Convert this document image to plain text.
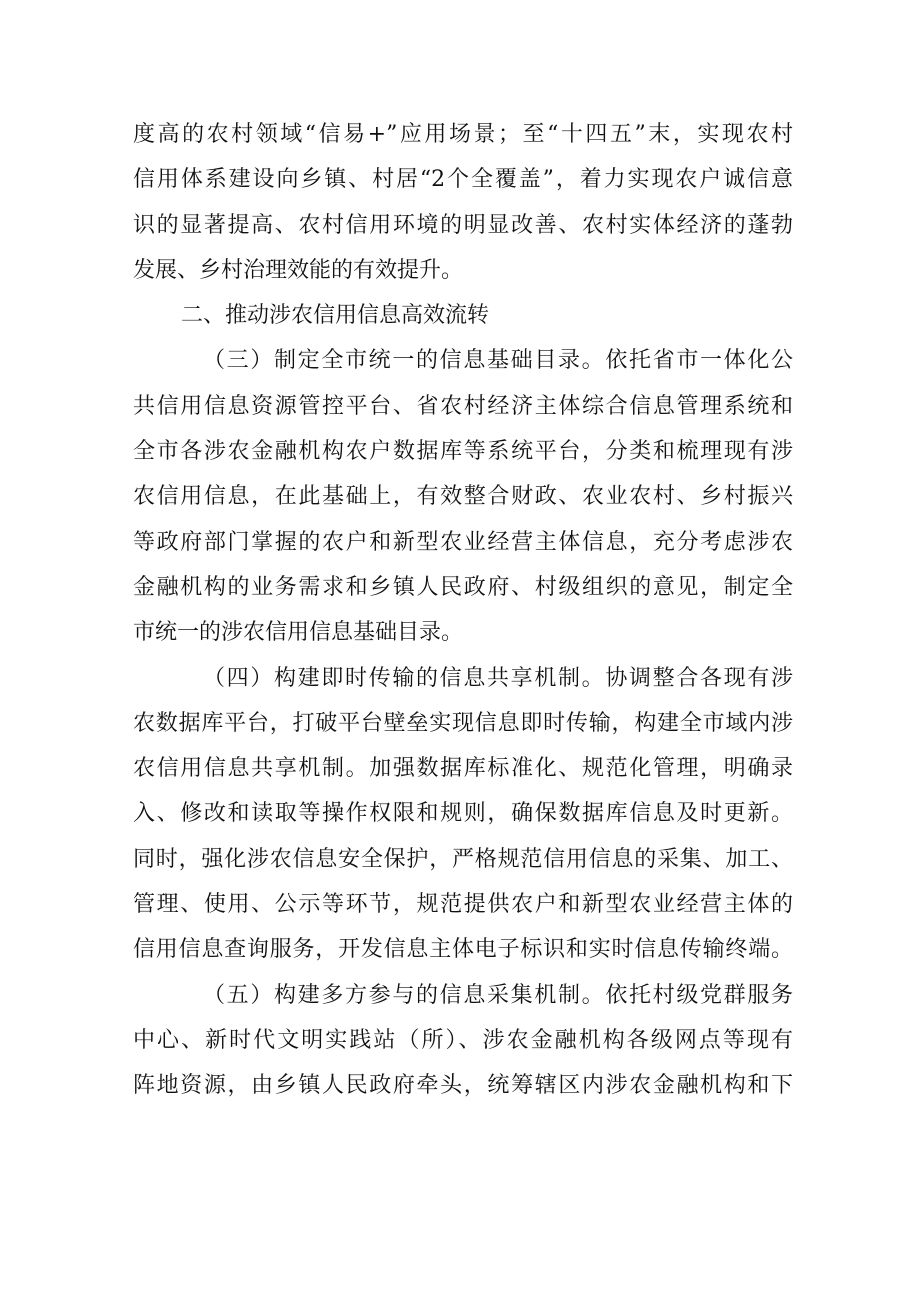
度高的农村领域“信易+”应用场景；至“十四五”末，实现农村
信用体系建设向乡镇、村居“2个全覆盖”，着力实现农户诚信意
识的显著提高、农村信用环境的明显改善、农村实体经济的蓬勃
发展、乡村治理效能的有效提升。
二、推动涉农信用信息高效流转
（三）制定全市统一的信息基础目录。依托省市一体化公
共信用信息资源管控平台、省农村经济主体综合信息管理系统和
全市各涉农金融机构农户数据库等系统平台，分类和梳理现有涉
农信用信息，在此基础上，有效整合财政、农业农村、乡村振兴
等政府部门掌握的农户和新型农业经营主体信息，充分考虑涉农
金融机构的业务需求和乡镇人民政府、村级组织的意见，制定全
市统一的涉农信用信息基础目录。
（四）构建即时传输的信息共享机制。协调整合各现有涉
农数据库平台，打破平台壁垒实现信息即时传输，构建全市域内涉
农信用信息共享机制。加强数据库标准化、规范化管理，明确录
入、修改和读取等操作权限和规则，确保数据库信息及时更新。
同时，强化涉农信息安全保护，严格规范信用信息的采集、加工、
管理、使用、公示等环节，规范提供农户和新型农业经营主体的
信用信息查询服务，开发信息主体电子标识和实时信息传输终端。
（五）构建多方参与的信息采集机制。依托村级党群服务
中心、新时代文明实践站（所）、涉农金融机构各级网点等现有
阵地资源，由乡镇人民政府牵头，统筹辖区内涉农金融机构和下
